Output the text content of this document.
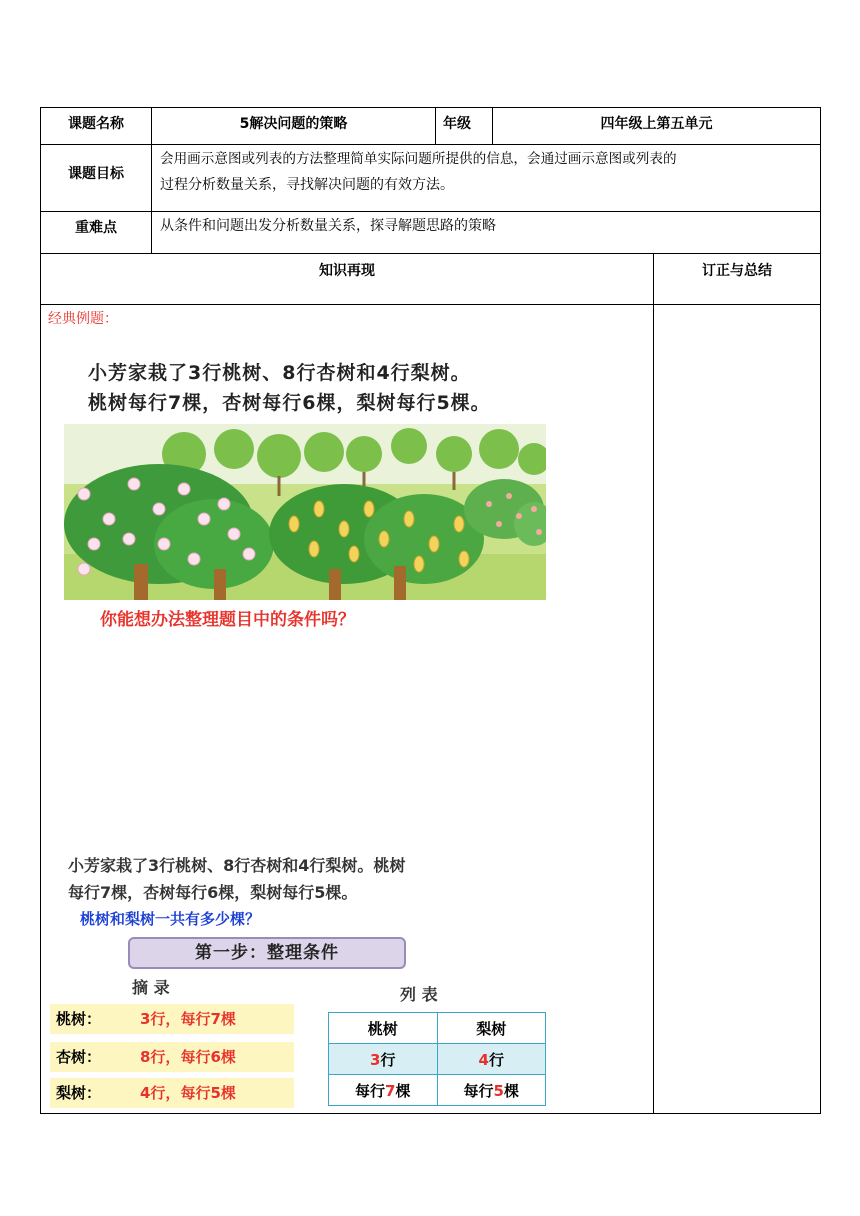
课题名称	5解决问题的策略	年级	四年级上第五单元
课题目标
会用画示意图或列表的方法整理简单实际问题所提供的信息，会通过画示意图或列表的
过程分析数量关系，寻找解决问题的有效方法。
重难点	从条件和问题出发分析数量关系，探寻解题思路的策略
知识再现	订正与总结
经典例题：
小芳家栽了3行桃树、8行杏树和4行梨树。
桃树每行7棵，杏树每行6棵，梨树每行5棵。
你能想办法整理题目中的条件吗？
小芳家栽了3行桃树、8行杏树和4行梨树。桃树
每行7棵，杏树每行6棵，梨树每行5棵。
桃树和梨树一共有多少棵？
第一步：整理条件
摘 录	列 表
桃树：	3行，每行7棵
杏树：	8行，每行6棵
梨树：	4行，每行5棵
桃树	梨树
3行	4行
每行7棵	每行5棵
